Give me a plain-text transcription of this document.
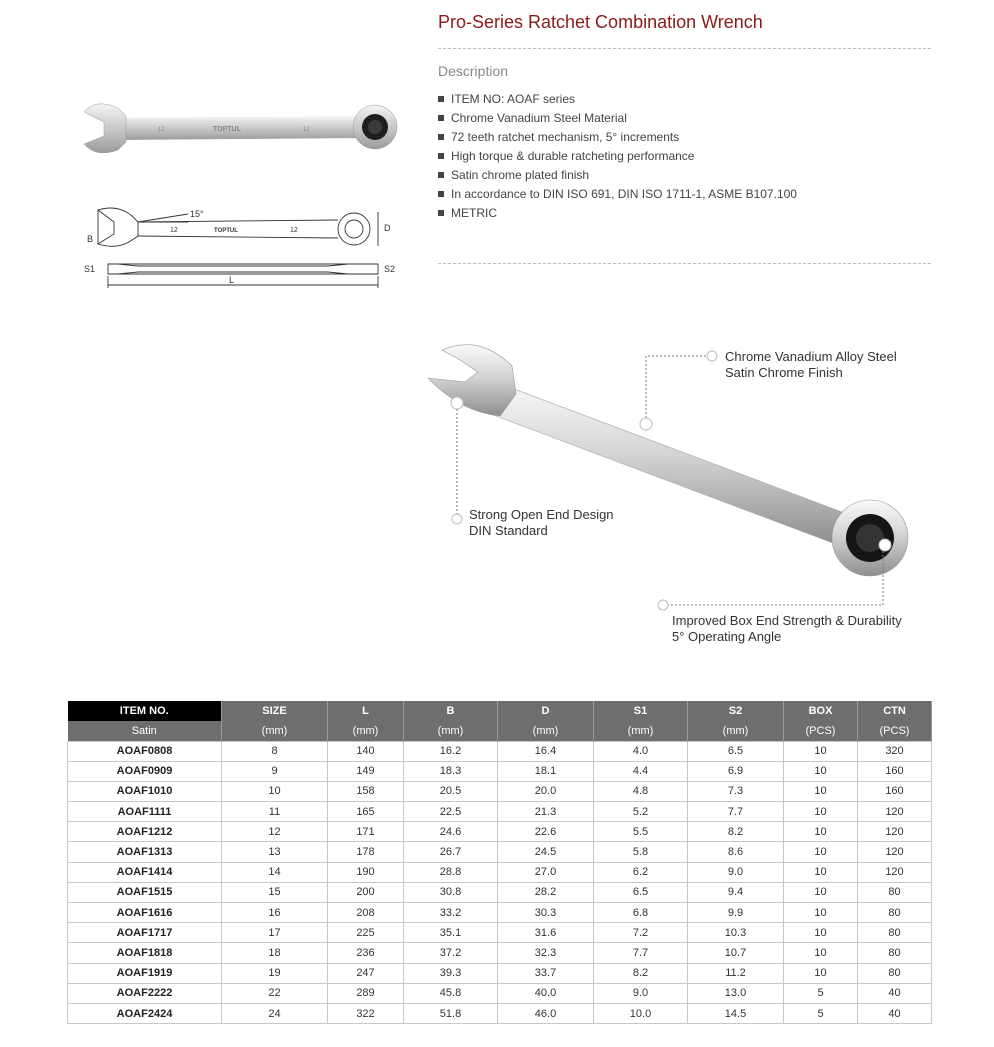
TOPTUL
12	12
15°
TOPTUL
12	12
B
D
S1	S2
L
Pro-Series Ratchet Combination Wrench
Description
ITEM NO: AOAF series
Chrome Vanadium Steel Material
72 teeth ratchet mechanism, 5° increments
High torque & durable ratcheting performance
Satin chrome plated finish
In accordance to DIN ISO 691, DIN ISO 1711-1, ASME B107.100
METRIC
Chrome Vanadium Alloy Steel
Satin Chrome Finish
Strong Open End Design
DIN Standard
Improved Box End Strength & Durability
5° Operating Angle
ITEM NO.	SIZE	L	B	D	S1	S2	BOX	CTN
Satin	(mm)	(mm)	(mm)	(mm)	(mm)	(mm)	(PCS)	(PCS)
AOAF0808	8	140	16.2	16.4	4.0	6.5	10	320
AOAF0909	9	149	18.3	18.1	4.4	6.9	10	160
AOAF1010	10	158	20.5	20.0	4.8	7.3	10	160
AOAF1111	11	165	22.5	21.3	5.2	7.7	10	120
AOAF1212	12	171	24.6	22.6	5.5	8.2	10	120
AOAF1313	13	178	26.7	24.5	5.8	8.6	10	120
AOAF1414	14	190	28.8	27.0	6.2	9.0	10	120
AOAF1515	15	200	30.8	28.2	6.5	9.4	10	80
AOAF1616	16	208	33.2	30.3	6.8	9.9	10	80
AOAF1717	17	225	35.1	31.6	7.2	10.3	10	80
AOAF1818	18	236	37.2	32.3	7.7	10.7	10	80
AOAF1919	19	247	39.3	33.7	8.2	11.2	10	80
AOAF2222	22	289	45.8	40.0	9.0	13.0	5	40
AOAF2424	24	322	51.8	46.0	10.0	14.5	5	40
